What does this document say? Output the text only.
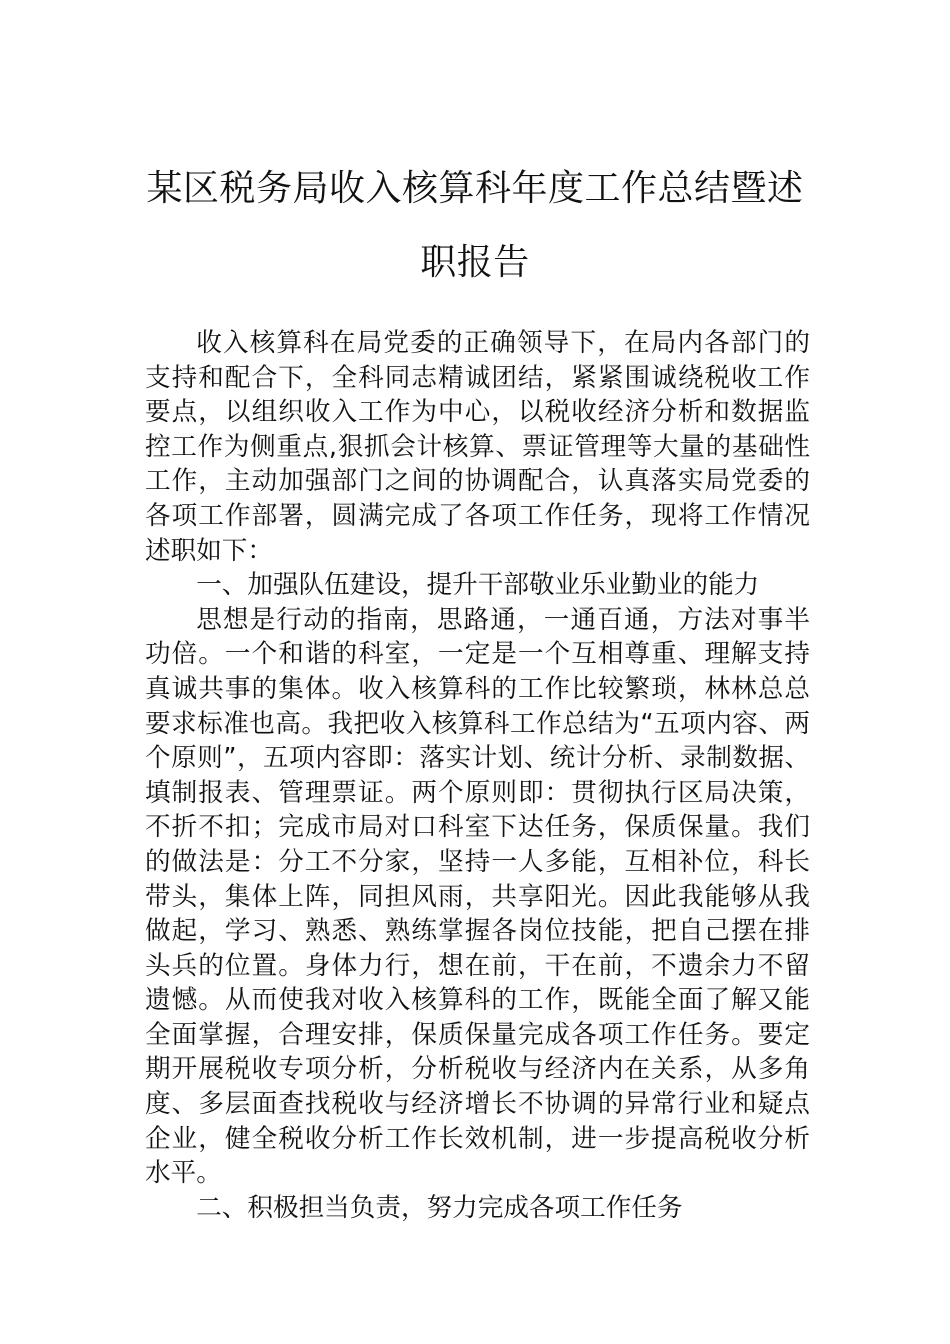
某区税务局收入核算科年度工作总结暨述
职报告

收入核算科在局党委的正确领导下，在局内各部门的支持和配合下，全科同志精诚团结，紧紧围诚绕税收工作要点，以组织收入工作为中心，以税收经济分析和数据监控工作为侧重点,狠抓会计核算、票证管理等大量的基础性工作，主动加强部门之间的协调配合，认真落实局党委的各项工作部署，圆满完成了各项工作任务，现将工作情况述职如下：

一、加强队伍建设，提升干部敬业乐业勤业的能力

思想是行动的指南，思路通，一通百通，方法对事半功倍。一个和谐的科室，一定是一个互相尊重、理解支持真诚共事的集体。收入核算科的工作比较繁琐，林林总总要求标准也高。我把收入核算科工作总结为“五项内容、两个原则”，五项内容即：落实计划、统计分析、录制数据、填制报表、管理票证。两个原则即：贯彻执行区局决策，不折不扣；完成市局对口科室下达任务，保质保量。我们的做法是：分工不分家，坚持一人多能，互相补位，科长带头，集体上阵，同担风雨，共享阳光。因此我能够从我做起，学习、熟悉、熟练掌握各岗位技能，把自己摆在排头兵的位置。身体力行，想在前，干在前，不遗余力不留遗憾。从而使我对收入核算科的工作，既能全面了解又能全面掌握，合理安排，保质保量完成各项工作任务。要定期开展税收专项分析，分析税收与经济内在关系，从多角度、多层面查找税收与经济增长不协调的异常行业和疑点企业，健全税收分析工作长效机制，进一步提高税收分析水平。

二、积极担当负责，努力完成各项工作任务
